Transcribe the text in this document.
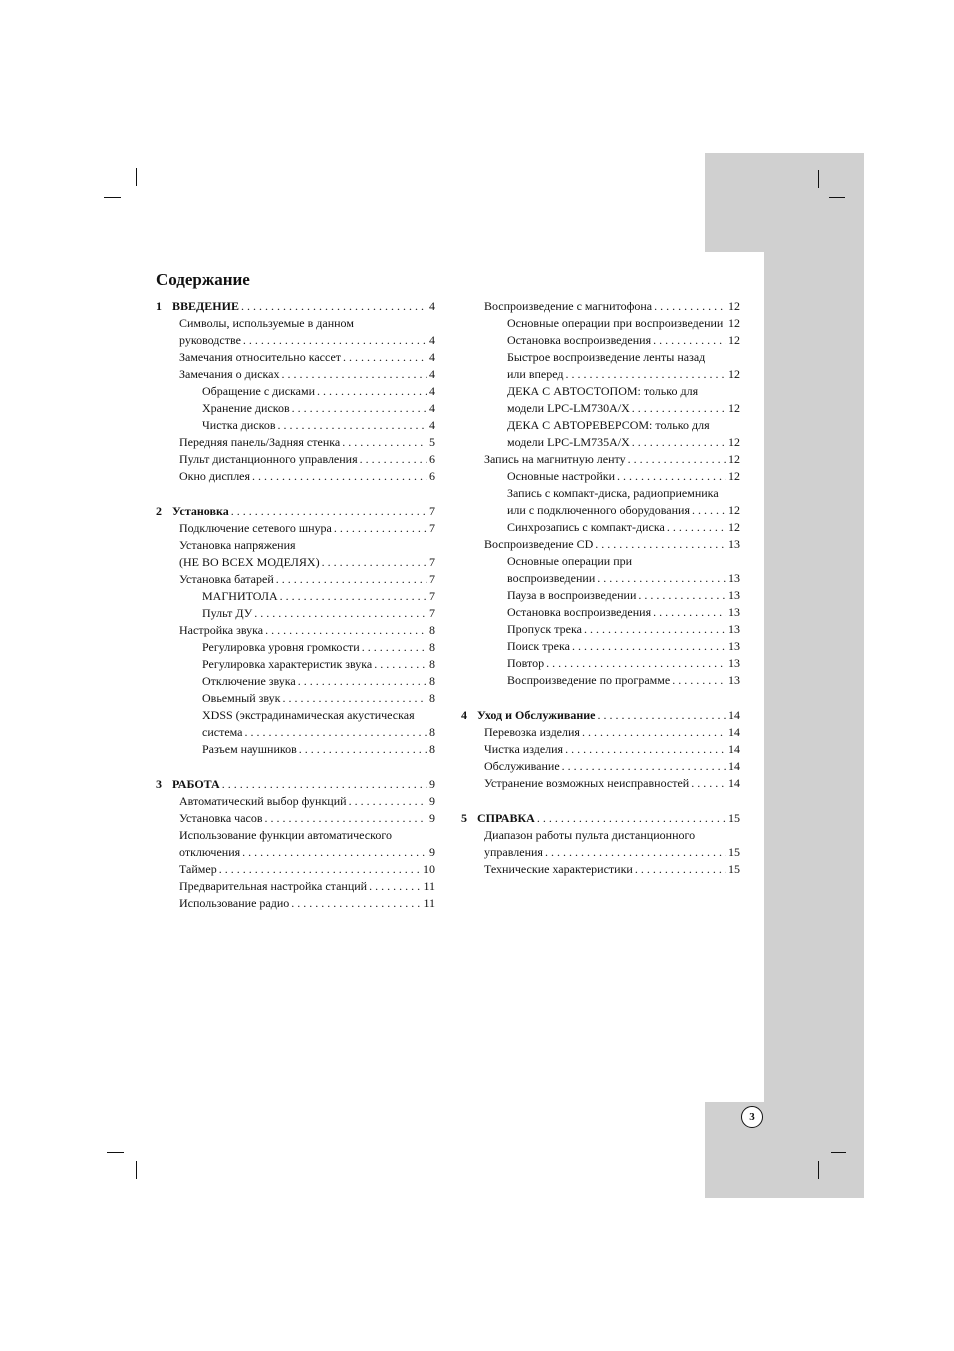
3
Содержание
1 ВВЕДЕНИЕ . . .	4
Символы, используемые в данном
руководстве . . .	4
Замечания относительно кассет . . .	4
Замечания о дисках . . .	4
Обращение с дисками . . .	4
Хранение дисков . . .	4
Чистка дисков . . .	4
Передняя панель/Задняя стенка . . .	5
Пульт дистанционного управления . . .	6
Окно дисплея . . .	6
2 Установка . . .	7
Подключение сетевого шнура . . .	7
Установка напряжения
(НЕ ВО ВСЕХ МОДЕЛЯХ) . . .	7
Установка батарей . . .	7
МАГНИТОЛА . . .	7
Пульт ДУ . . .	7
Настройка звука . . .	8
Регулировка уровня громкости . . .	8
Регулировка характеристик звука . . .	8
Отключение звука . . .	8
Овьемный звук . . .	8
XDSS (экстрадинамическая акустическая
система . . .	8
Разъем наушников . . .	8
3 РАБОТА . . .	9
Автоматический выбор функций . . .	9
Установка часов . . .	9
Использование функции автоматического
отключения . . .	9
Таймер . . .	10
Предварительная настройка станций . . .	11
Использование радио . . .	11
Воспроизведение с магнитофона . . .	12
Основные операции при воспроизведении . . . 12
Остановка воспроизведения . . .	12
Быстрое воспроизведение ленты назад
или вперед . . .	12
ДЕКА С АВТОСТОПОМ: только для
модели LPC-LM730A/X . . .	12
ДЕКА С АВТОРЕВЕРСОМ: только для
модели LPC-LM735A/X . . .	12
Запись на магнитную ленту . . .	12
Основные настройки . . .	12
Запись с компакт-диска, радиоприемника
или с подключенного оборудования . . .	12
Синхрозапись с компакт-диска . . .	12
Воспроизведение CD . . .	13
Основные операции при
воспроизведении . . .	13
Пауза в воспроизведении . . .	13
Остановка воспроизведения . . .	13
Пропуск трека . . .	13
Поиск трека . . .	13
Повтор . . .	13
Воспроизведение по программе . . .	13
4 Уход и Обслуживание . . .	14
Перевозка изделия . . .	14
Чистка изделия . . .	14
Обслуживание . . .	14
Устранение возможных неисправностей . . .	14
5 СПРАВКА . . .	15
Диапазон работы пульта дистанционного
управления . . .	15
Технические характеристики . . .	15
